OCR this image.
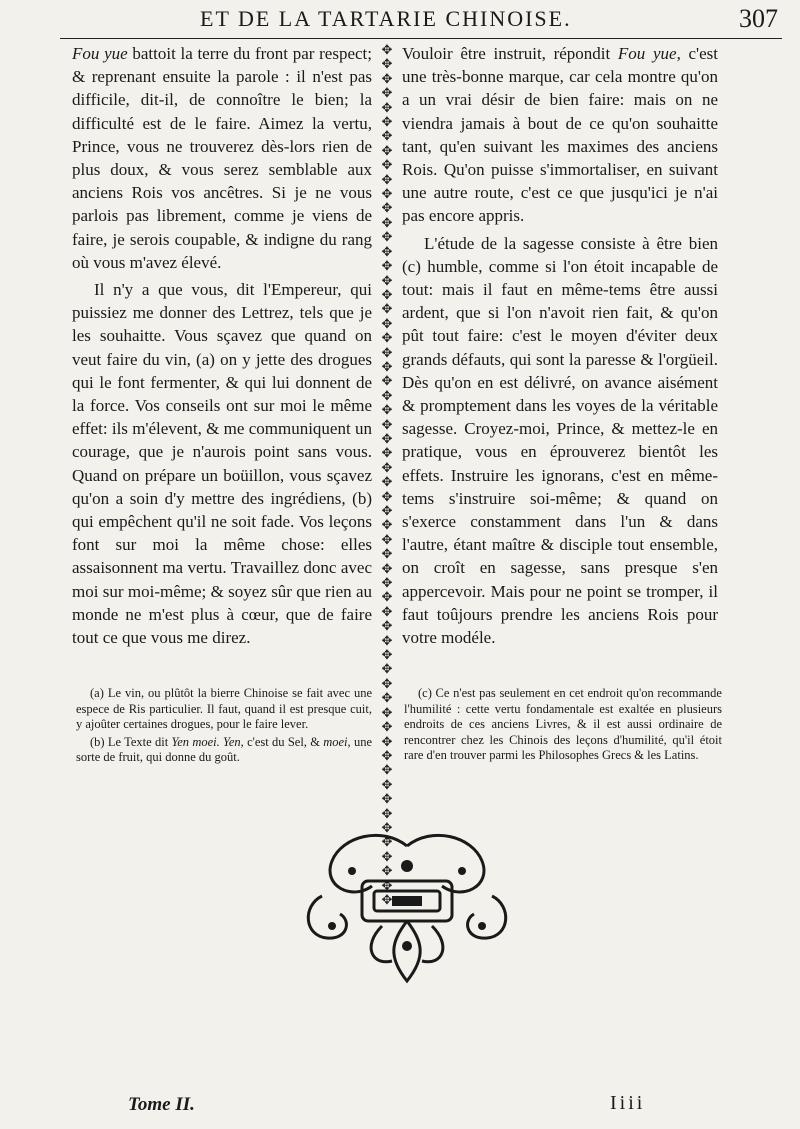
ET DE LA TARTARIE CHINOISE.	307

Fou yue battoit la terre du front par respect; & reprenant ensuite la parole : il n'est pas difficile, dit-il, de connoître le bien; la difficulté est de le faire. Aimez la vertu, Prince, vous ne trouverez dès-lors rien de plus doux, & vous serez semblable aux anciens Rois vos ancêtres. Si je ne vous parlois pas librement, comme je viens de faire, je serois coupable, & indigne du rang où vous m'avez élevé.

Il n'y a que vous, dit l'Empereur, qui puissiez me donner des Lettrez, tels que je les souhaitte. Vous sçavez que quand on veut faire du vin, (a) on y jette des drogues qui le font fermenter, & qui lui donnent de la force. Vos conseils ont sur moi le même effet: ils m'élevent, & me communiquent un courage, que je n'aurois point sans vous. Quand on prépare un boüillon, vous sçavez qu'on a soin d'y mettre des ingrédiens, (b) qui empêchent qu'il ne soit fade. Vos leçons font sur moi la même chose: elles assaisonnent ma vertu. Travaillez donc avec moi sur moi-même; & soyez sûr que rien au monde ne m'est plus à cœur, que de faire tout ce que vous me direz.

✥
✥
✥
✥
✥
✥
✥
✥
✥
✥
✥
✥
✥
✥
✥
✥
✥
✥
✥
✥
✥
✥
✥
✥
✥
✥
✥
✥
✥
✥
✥
✥
✥
✥
✥
✥
✥
✥
✥
✥
✥
✥
✥
✥
✥
✥
✥
✥
✥
✥
✥
✥
✥
✥
✥
✥
✥
✥
✥
✥

Vouloir être instruit, répondit Fou yue, c'est une très-bonne marque, car cela montre qu'on a un vrai désir de bien faire: mais on ne viendra jamais à bout de ce qu'on souhaitte tant, qu'en suivant les maximes des anciens Rois. Qu'on puisse s'immortaliser, en suivant une autre route, c'est ce que jusqu'ici je n'ai pas encore appris.

L'étude de la sagesse consiste à être bien (c) humble, comme si l'on étoit incapable de tout: mais il faut en même-tems être aussi ardent, que si l'on n'avoit rien fait, & qu'on pût tout faire: c'est le moyen d'éviter deux grands défauts, qui sont la paresse & l'orgüeil. Dès qu'on en est délivré, on avance aisément & promptement dans les voyes de la véritable sagesse. Croyez-moi, Prince, & mettez-le en pratique, vous en éprouverez bientôt les effets. Instruire les ignorans, c'est en même-tems s'instruire soi-même; & quand on s'exerce constamment dans l'un & dans l'autre, étant maître & disciple tout ensemble, on croît en sagesse, sans presque s'en appercevoir. Mais pour ne point se tromper, il faut toûjours prendre les anciens Rois pour votre modéle.

(a) Le vin, ou plûtôt la bierre Chinoise se fait avec une espece de Ris particulier. Il faut, quand il est presque cuit, y ajoûter certaines drogues, pour le faire lever.

(b) Le Texte dit Yen moei. Yen, c'est du Sel, & moei, une sorte de fruit, qui donne du goût.

(c) Ce n'est pas seulement en cet endroit qu'on recommande l'humilité : cette vertu fondamentale est exaltée en plusieurs endroits de ces anciens Livres, & il est aussi ordinaire de rencontrer chez les Chinois des leçons d'humilité, qu'il étoit rare d'en trouver parmi les Philosophes Grecs & les Latins.

Tome II.	Iiii
